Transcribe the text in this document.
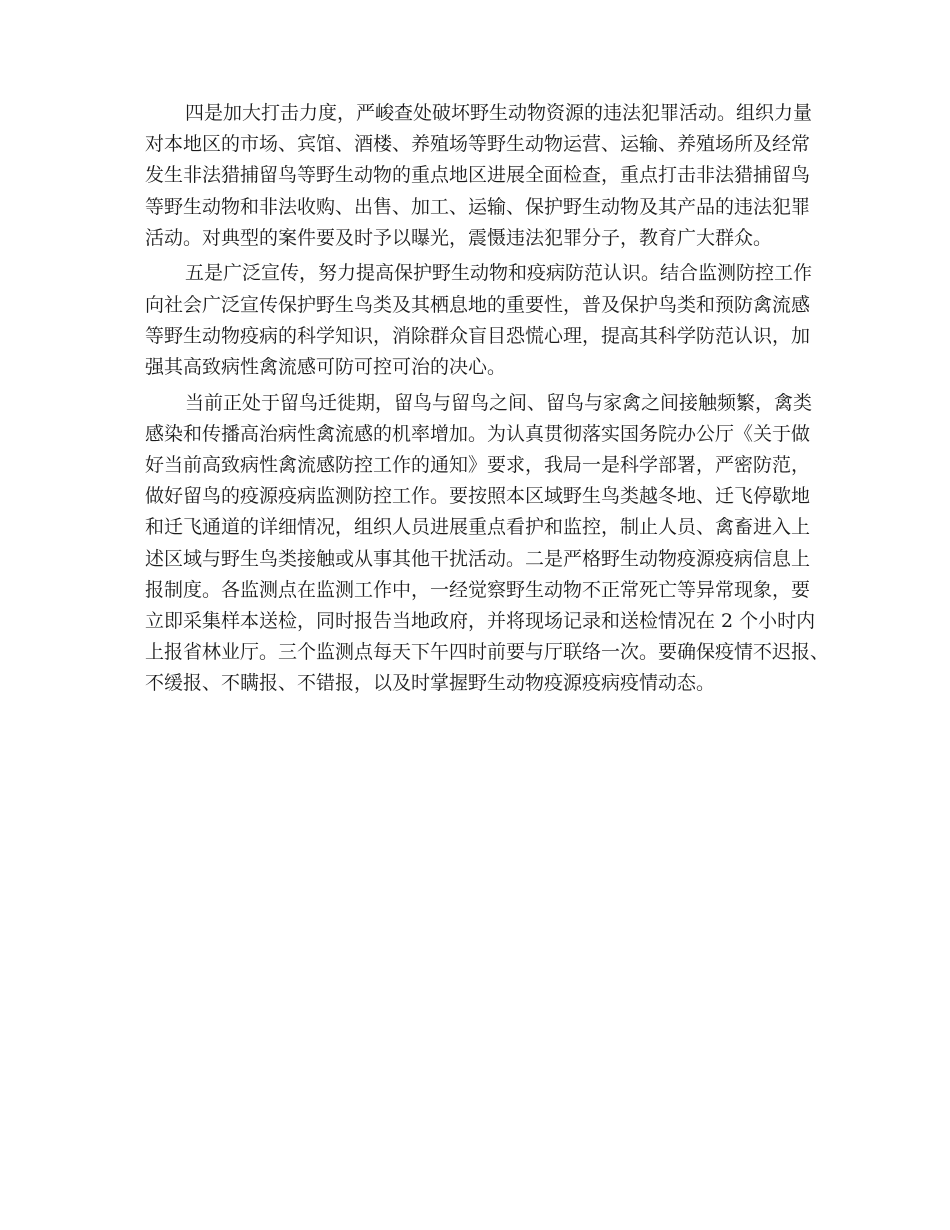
四是加大打击力度，严峻查处破坏野生动物资源的违法犯罪活动。组织力量
对本地区的市场、宾馆、酒楼、养殖场等野生动物运营、运输、养殖场所及经常
发生非法猎捕留鸟等野生动物的重点地区进展全面检查，重点打击非法猎捕留鸟
等野生动物和非法收购、出售、加工、运输、保护野生动物及其产品的违法犯罪
活动。对典型的案件要及时予以曝光，震慑违法犯罪分子，教育广大群众。
五是广泛宣传，努力提高保护野生动物和疫病防范认识。结合监测防控工作
向社会广泛宣传保护野生鸟类及其栖息地的重要性，普及保护鸟类和预防禽流感
等野生动物疫病的科学知识，消除群众盲目恐慌心理，提高其科学防范认识，加
强其高致病性禽流感可防可控可治的决心。
当前正处于留鸟迁徙期，留鸟与留鸟之间、留鸟与家禽之间接触频繁，禽类
感染和传播高治病性禽流感的机率增加。为认真贯彻落实国务院办公厅《关于做
好当前高致病性禽流感防控工作的通知》要求，我局一是科学部署，严密防范，
做好留鸟的疫源疫病监测防控工作。要按照本区域野生鸟类越冬地、迁飞停歇地
和迁飞通道的详细情况，组织人员进展重点看护和监控，制止人员、禽畜进入上
述区域与野生鸟类接触或从事其他干扰活动。二是严格野生动物疫源疫病信息上
报制度。各监测点在监测工作中，一经觉察野生动物不正常死亡等异常现象，要
立即采集样本送检，同时报告当地政府，并将现场记录和送检情况在 2 个小时内
上报省林业厅。三个监测点每天下午四时前要与厅联络一次。要确保疫情不迟报、
不缓报、不瞒报、不错报，以及时掌握野生动物疫源疫病疫情动态。
